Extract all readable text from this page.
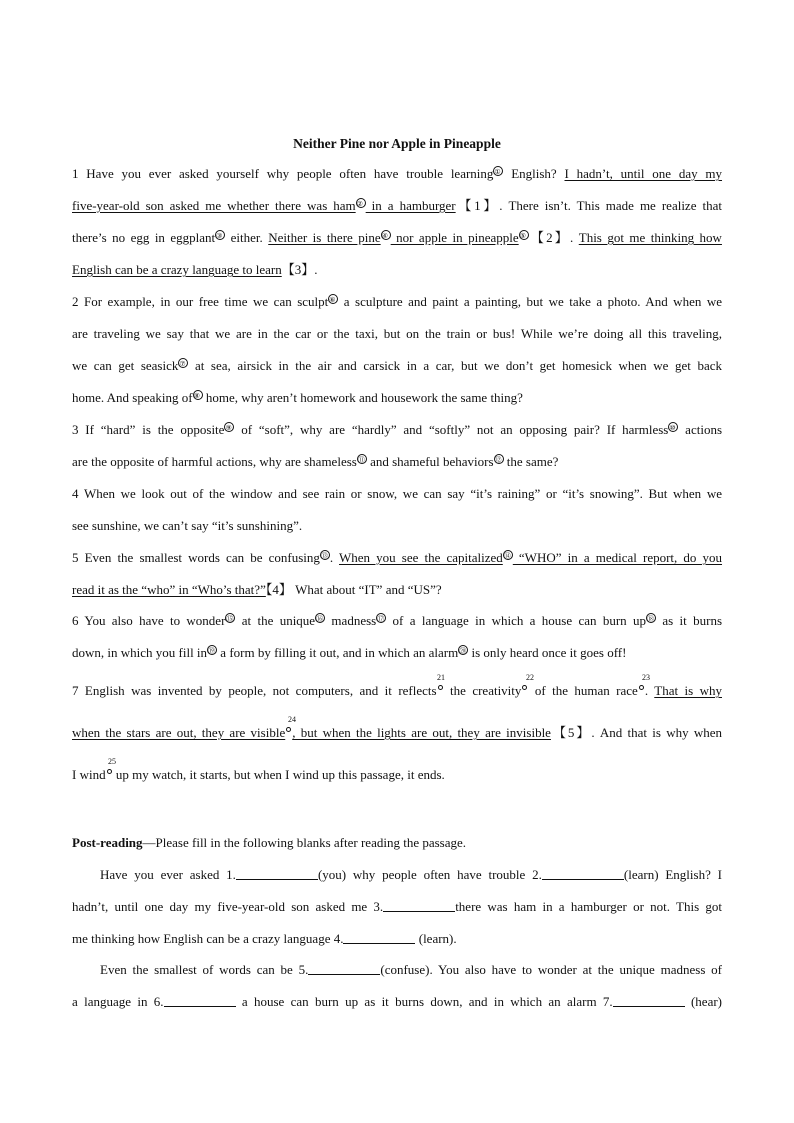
Neither Pine nor Apple in Pineapple
1 Have you ever asked yourself why people often have trouble learning① English? I hadn’t, until one day my
five-year-old son asked me whether there was ham② in a hamburger【1】. There isn’t. This made me realize that
there’s no egg in eggplant③ either. Neither is there pine④ nor apple in pineapple⑤ 【2】. This got me thinking how
English can be a crazy language to learn【3】.
2 For example, in our free time we can sculpt⑥ a sculpture and paint a painting, but we take a photo. And when we
are traveling we say that we are in the car or the taxi, but on the train or bus! While we’re doing all this traveling,
we can get seasick⑦ at sea, airsick in the air and carsick in a car, but we don’t get homesick when we get back
home. And speaking of⑧ home, why aren’t homework and housework the same thing?
3 If “hard” is the opposite⑨ of “soft”, why are “hardly” and “softly” not an opposing pair? If harmless⑩ actions
are the opposite of harmful actions, why are shameless⑪ and shameful behaviors⑫ the same?
4 When we look out of the window and see rain or snow, we can say “it’s raining” or “it’s snowing”. But when we
see sunshine, we can’t say “it’s sunshining”.
5 Even the smallest words can be confusing⑬ . When you see the capitalized⑭ “WHO” in a medical report, do you
read it as the “who” in “Who’s that?”【4】 What about “IT” and “US”?
6 You also have to wonder⑮ at the unique⑯ madness⑰ of a language in which a house can burn up⑱ as it burns
down, in which you fill in⑲ a form by filling it out, and in which an alarm⑳ is only heard once it goes off!
21	22	23
7 English was invented by people, not computers, and it reflects the creativity of the human race . That is why
24
when the stars are out, they are visible , but when the lights are out, they are invisible【5】. And that is why when
25
I wind up my watch, it starts, but when I wind up this passage, it ends.
Post-reading—Please fill in the following blanks after reading the passage.
Have you ever asked 1.	(you) why people often have trouble 2.	(learn) English? I
hadn’t, until one day my five-year-old son asked me 3.	there was ham in a hamburger or not. This got
me thinking how English can be a crazy language 4.	(learn).
Even the smallest of words can be 5.	(confuse). You also have to wonder at the unique madness of
a language in 6.	a house can burn up as it burns down, and in which an alarm 7.	(hear)
